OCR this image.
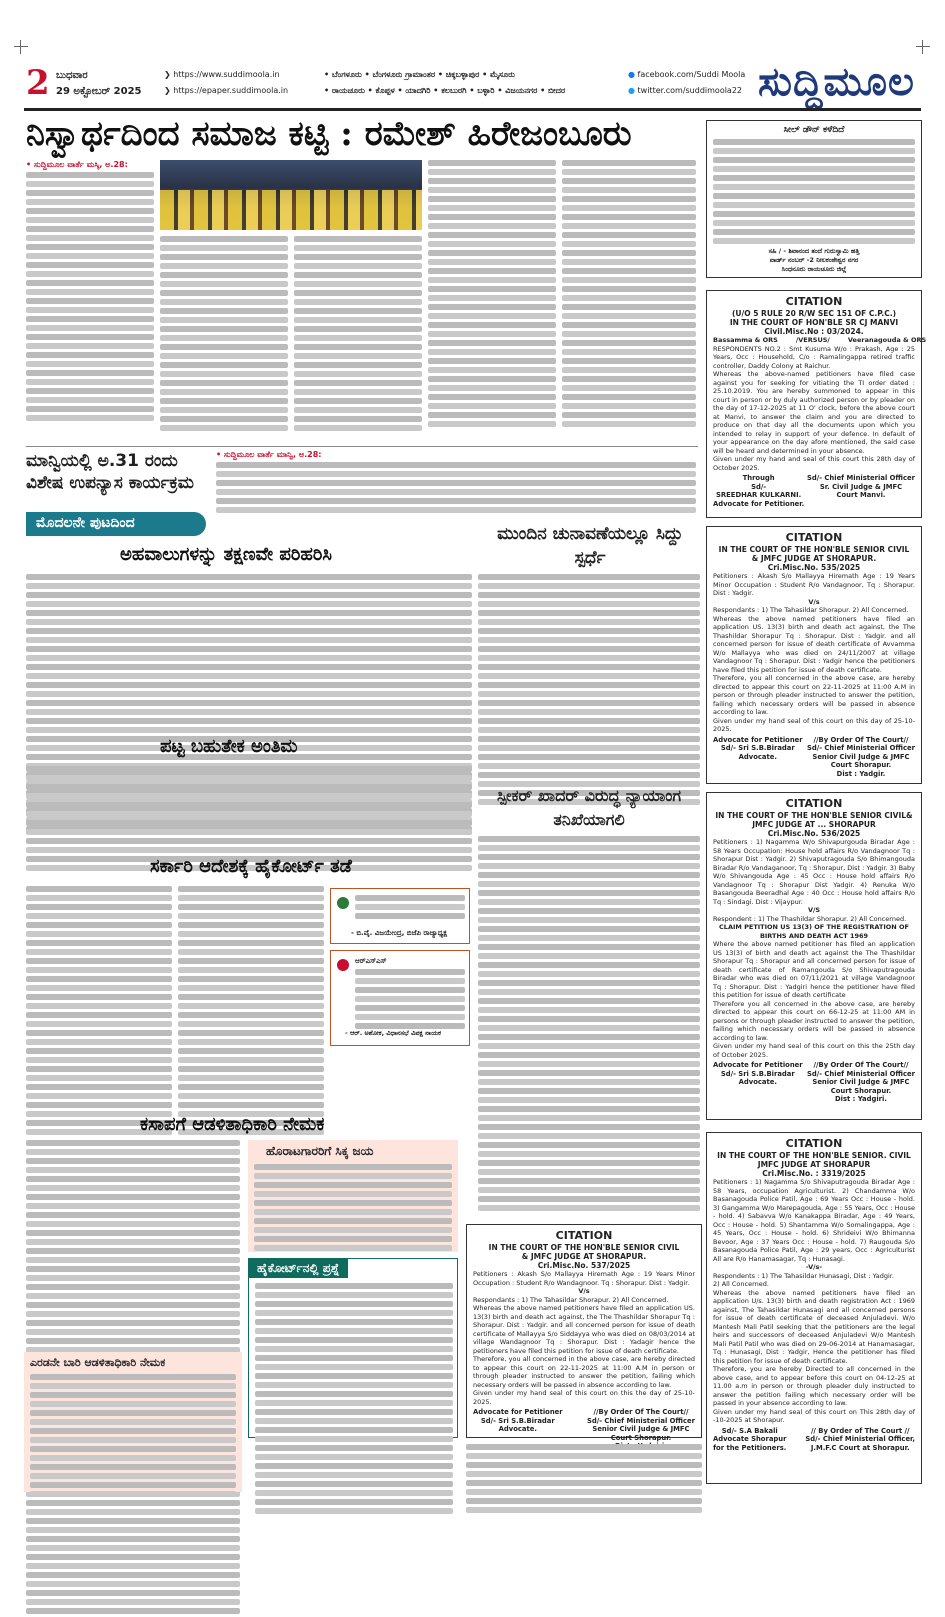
2 ಬುಧವಾರ
29 ಅಕ್ಟೋಬರ್ 2025
❯ https://www.suddimoola.in
❯ https://epaper.suddimoola.in
• ಬೆಂಗಳೂರು • ಬೆಂಗಳೂರು ಗ್ರಾಮಾಂತರ • ಚಿಕ್ಕಬಳ್ಳಾಪುರ • ಮೈಸೂರು
• ರಾಯಚೂರು • ಕೊಪ್ಪಳ • ಯಾದಗಿರಿ • ಕಲಬುರಗಿ • ಬಳ್ಳಾರಿ • ವಿಜಯನಗರ • ಬೀದರ
● facebook.com/Suddi Moola
● twitter.com/suddimoola22 ಸುದ್ದಿಮೂಲ
ನಿಸ್ವಾರ್ಥದಿಂದ ಸಮಾಜ ಕಟ್ಟಿ : ರಮೇಶ್ ಹಿರೇಜಂಬೂರು
• ಸುದ್ದಿಮೂಲ ವಾರ್ತೆ ಮಸ್ಕಿ, ಅ.28:
ಮಾನ್ವಿಯಲ್ಲಿ ಅ.31 ರಂದು ವಿಶೇಷ ಉಪನ್ಯಾಸ ಕಾರ್ಯಕ್ರಮ
• ಸುದ್ದಿಮೂಲ ವಾರ್ತೆ ಮಾನ್ವಿ, ಅ.28:
ಮೊದಲನೇ ಪುಟದಿಂದ
ಅಹವಾಲುಗಳನ್ನು ತಕ್ಷಣವೇ ಪರಿಹರಿಸಿ
ಪಟ್ಟ ಬಹುತೇಕ ಅಂತಿಮ
ಸರ್ಕಾರಿ ಆದೇಶಕ್ಕೆ ಹೈಕೋರ್ಟ್ ತಡೆ
- ಬಿ.ವೈ. ವಿಜಯೇಂದ್ರ, ಬಿಜೆಪಿ ರಾಜ್ಯಾಧ್ಯಕ್ಷ
ಆರ್‌ಎಸ್‌ಎಸ್
- ಆರ್. ಅಶೋಕ, ವಿಧಾನಸಭೆ ವಿಪಕ್ಷ ನಾಯಕ
ಕಸಾಪಗೆ ಆಡಳಿತಾಧಿಕಾರಿ ನೇಮಕ
ಎರಡನೇ ಬಾರಿ ಆಡಳಿತಾಧಿಕಾರಿ ನೇಮಕ
ಹೊರಾಟಗಾರರಿಗೆ ಸಿಕ್ಕ ಜಯ
ಹೈಕೋರ್ಟ್‌ನಲ್ಲಿ ಪ್ರಶ್ನೆ
ಮುಂದಿನ ಚುನಾವಣೆಯಲ್ಲೂ ಸಿದ್ದು ಸ್ಪರ್ಧೆ
ಸ್ಪೀಕರ್ ಖಾದರ್ ವಿರುದ್ಧ ನ್ಯಾಯಾಂಗ ತನಿಖೆಯಾಗಲಿ
CITATION
IN THE COURT OF THE HON'BLE SENIOR CIVIL
& JMFC JUDGE AT SHORAPUR.
Cri.Misc.No. 537/2025
Petitioners : Akash S/o Mallayya Hiremath Age : 19 Years Minor Occupation : Student R/o Wandagnoor. Tq : Shorapur. Dist : Yadgir.
V/s
Respondants : 1) The Tahasildar Shorapur. 2) All Concerned.
Whereas the above named petitioners have filed an application US. 13(3) birth and death act against, the The Thashildar Shorapur Tq : Shorapur. Dist : Yadgir. and all concerned person for issue of death certificate of Mallayya S/o Siddayya who was died on 08/03/2014 at village Wandagnoor Tq : Shorapur. Dist : Yadagir hence the petitioners have filed this petition for issue of death certificate.
Therefore, you all concerned in the above case, are hereby directed to appear this court on 22-11-2025 at 11:00 A.M in person or through pleader instructed to answer the petition, failing which necessary orders will be passed in absence according to law.
Given under my hand seal of this court on this the day of 25-10-2025.
Advocate for Petitioner
Sd/- Sri S.B.Biradar
Advocate.
//By Order Of The Court//
Sd/- Chief Ministerial Officer
Senior Civil Judge & JMFC
Court Shorapur.

ಸೀಲ್ ಡೌನ್ ಕಳೆದಿದೆ
ಸಹಿ / - ಶಿವಾನಂದ ತಂದೆ ಗುರುಸ್ವಾಮಿ ಹತ್ತಿ
ವಾರ್ಡ್ ನಂಬರ್ -2 ನೀಲಕಂಠೇಶ್ವರ ನಗರ
ಸಿಂಧನೂರು ರಾಯಚೂರು ಜಿಲ್ಲೆ
CITATION
(U/O 5 RULE 20 R/W SEC 151 OF C.P.C.)
IN THE COURT OF HON'BLE SR CJ MANVI
Civil.Misc.No : 03/2024.
Bassamma & ORS        /VERSUS/        Veeranagouda & ORS
RESPONDENTS NO.2 : Smt Kusuma W/o : Prakash, Age : 25 Years, Occ : Household, C/o : Ramalingappa retired traffic controller, Daddy Colony at Raichur.
Whereas the above-named petitioners have filed case against you for seeking for vitiating the TI order dated : 25.10.2019. You are hereby summoned to appear in this court in person or by duly authorized person or by pleader on the day of 17-12-2025 at 11 O' clock, before the above court at Manvi, to answer the claim and you are directed to produce on that day all the documents upon which you intended to relay in support of your defence. In default of your appearance on the day afore mentioned, the said case will be heard and determined in your absence.
Given under my hand and seal of this court this 28th day of October 2025.
Through
Sd/-
SREEDHAR KULKARNI.
Advocate for Petitioner.
Sd/- Chief Ministerial Officer
Sr. Civil Judge & JMFC
Court Manvi.
CITATION
IN THE COURT OF THE HON'BLE SENIOR CIVIL
& JMFC JUDGE AT SHORAPUR.
Cri.Misc.No. 535/2025
Petitioners : Akash S/o Mallayya Hiremath Age : 19 Years Minor Occupation : Student R/o Vandagnoor, Tq : Shorapur. Dist : Yadgir.
V/s
Respondants : 1) The Tahasildar Shorapur. 2) All Concerned.
Whereas the above named petitioners have filed an application US. 13(3) birth and death act against, the The Thashildar Shorapur Tq : Shorapur. Dist : Yadgir. and all concerned person for issue of death certificate of Avvamma W/o Mallayya who was died on 24/11/2007 at village Vandagnoor Tq : Shorapur. Dist : Yadgir hence the petitioners have filed this petition for issue of death certificate.
Therefore, you all concerned in the above case, are hereby directed to appear this court on 22-11-2025 at 11:00 A.M in person or through pleader instructed to answer the petition, failing which necessary orders will be passed in absence according to law.
Given under my hand seal of this court on this day of 25-10-2025.
Advocate for Petitioner
Sd/- Sri S.B.Biradar
Advocate.
//By Order Of The Court//
Sd/- Chief Ministerial Officer
Senior Civil Judge & JMFC
Court Shorapur.
Dist : Yadgir.
CITATION
IN THE COURT OF THE HON'BLE SENIOR CIVIL&
JMFC JUDGE AT ... SHORAPUR
Cri.Misc.No. 536/2025
Petitioners : 1) Nagamma W/o Shivapurgouda Biradar Age : 58 Years Occupation: House hold affairs R/o Vandagnoor Tq : Shorapur Dist : Yadgir. 2) Shivaputragouda S/o Bhimangouda Biradar R/o Vandaganoor, Tq : Shorapur, Dist : Yadgir. 3) Baby W/o Shivangouda Age : 45 Occ : House hold affairs R/o Vandagnoor Tq : Shorapur Dist Yadgir. 4) Renuka W/o Basangouda Beeradhal Age : 40 Occ : House hold affairs R/o Tq : Sindagi. Dist : Vijaypur.
V/S
Respondent : 1) The Thashildar Shorapur. 2) All Concerned.
CLAIM PETITION US 13(3) OF THE REGISTRATION OF BIRTHS AND DEATH ACT 1969
Where the above named petitioner has filed an application US 13(3) of birth and death act against the The Thashildar Shorapur Tq : Shorapur and all concerned person for issue of death certificate of Ramangouda S/o Shivaputragouda Biradar who was died on 07/11/2021 at village Vandagnoor Tq : Shorapur. Dist : Yadgiri hence the petitioner have filed this petition for issue of death certificate
Therefore you all concerned in the above case, are hereby directed to appear this court on 66-12-25 at 11:00 AM in persons or through pleader instructed to answer the petition, failing which necessary orders will be passed in absence according to law.
Given under my hand seal of this court on this the 25th day of October 2025.
Advocate for Petitioner
Sd/- Sri S.B.Biradar
Advocate.
//By Order Of The Court//
Sd/- Chief Ministerial Officer
Senior Civil Judge & JMFC
Court Shorapur.
Dist : Yadgiri.
CITATION
IN THE COURT OF THE HON'BLE SENIOR. CIVIL
JMFC JUDGE AT SHORAPUR
Cri.Misc.No. : 3319/2025
Petitioners : 1) Nagamma S/o Shivaputragouda Biradar Age : 58 Years, occupation Agriculturist. 2) Chandamma W/o Basanagouda Police Patil, Age : 69 Years Occ : House - hold. 3) Gangamma W/o Marepagouda, Age : 55 Years, Occ : House - hold. 4) Sabavva W/o Kanakappa Biradar, Age : 49 Years, Occ : House - hold. 5) Shantamma W/o Somalingappa, Age : 45 Years, Occ : House - hold. 6) Shrideivi W/o Bhimanna Bevoor, Age : 37 Years Occ : House - hold. 7) Raugouda S/o Basanagouda Police Patil, Age : 29 years, Occ : Agriculturist All are R/o Hanamasagar, Tq : Hunasagi.
-V/s-
Respondents : 1) The Tahasildar Hunasagi, Dist : Yadgir.
2) All Concerned.
Whereas the above named petitioners have filed an application U/s. 13(3) birth and death registration Act : 1969 against, The Tahasildar Hunasagi and all concerned persons for issue of death certificate of deceased Anjuladevi. W/o Mantesh Mali Patil seeking that the petitioners are the legal heirs and successors of deceased Anjuladevi W/o Mantesh Mali Patil Patil who was died on 29-06-2014 at Hanamasagar, Tq : Hunasagi, Dist : Yadgir, Hence the petitioner has filed this petition for issue of death certificate.
Therefore, you are hereby Directed to all concerned in the above case, and to appear before this court on 04-12-25 at 11.00 a.m in person or through pleader duly instructed to answer the petition failing which necessary order will be passed in your absence according to law.
Given under my hand seal of this court on This 28th day of -10-2025 at Shorapur.
Sd/- S.A Bakali
Advocate Shorapur
for the Petitioners.
// By Order of The Court //
Sd/- Chief Ministerial Officer,
J.M.F.C Court at Shorapur.
